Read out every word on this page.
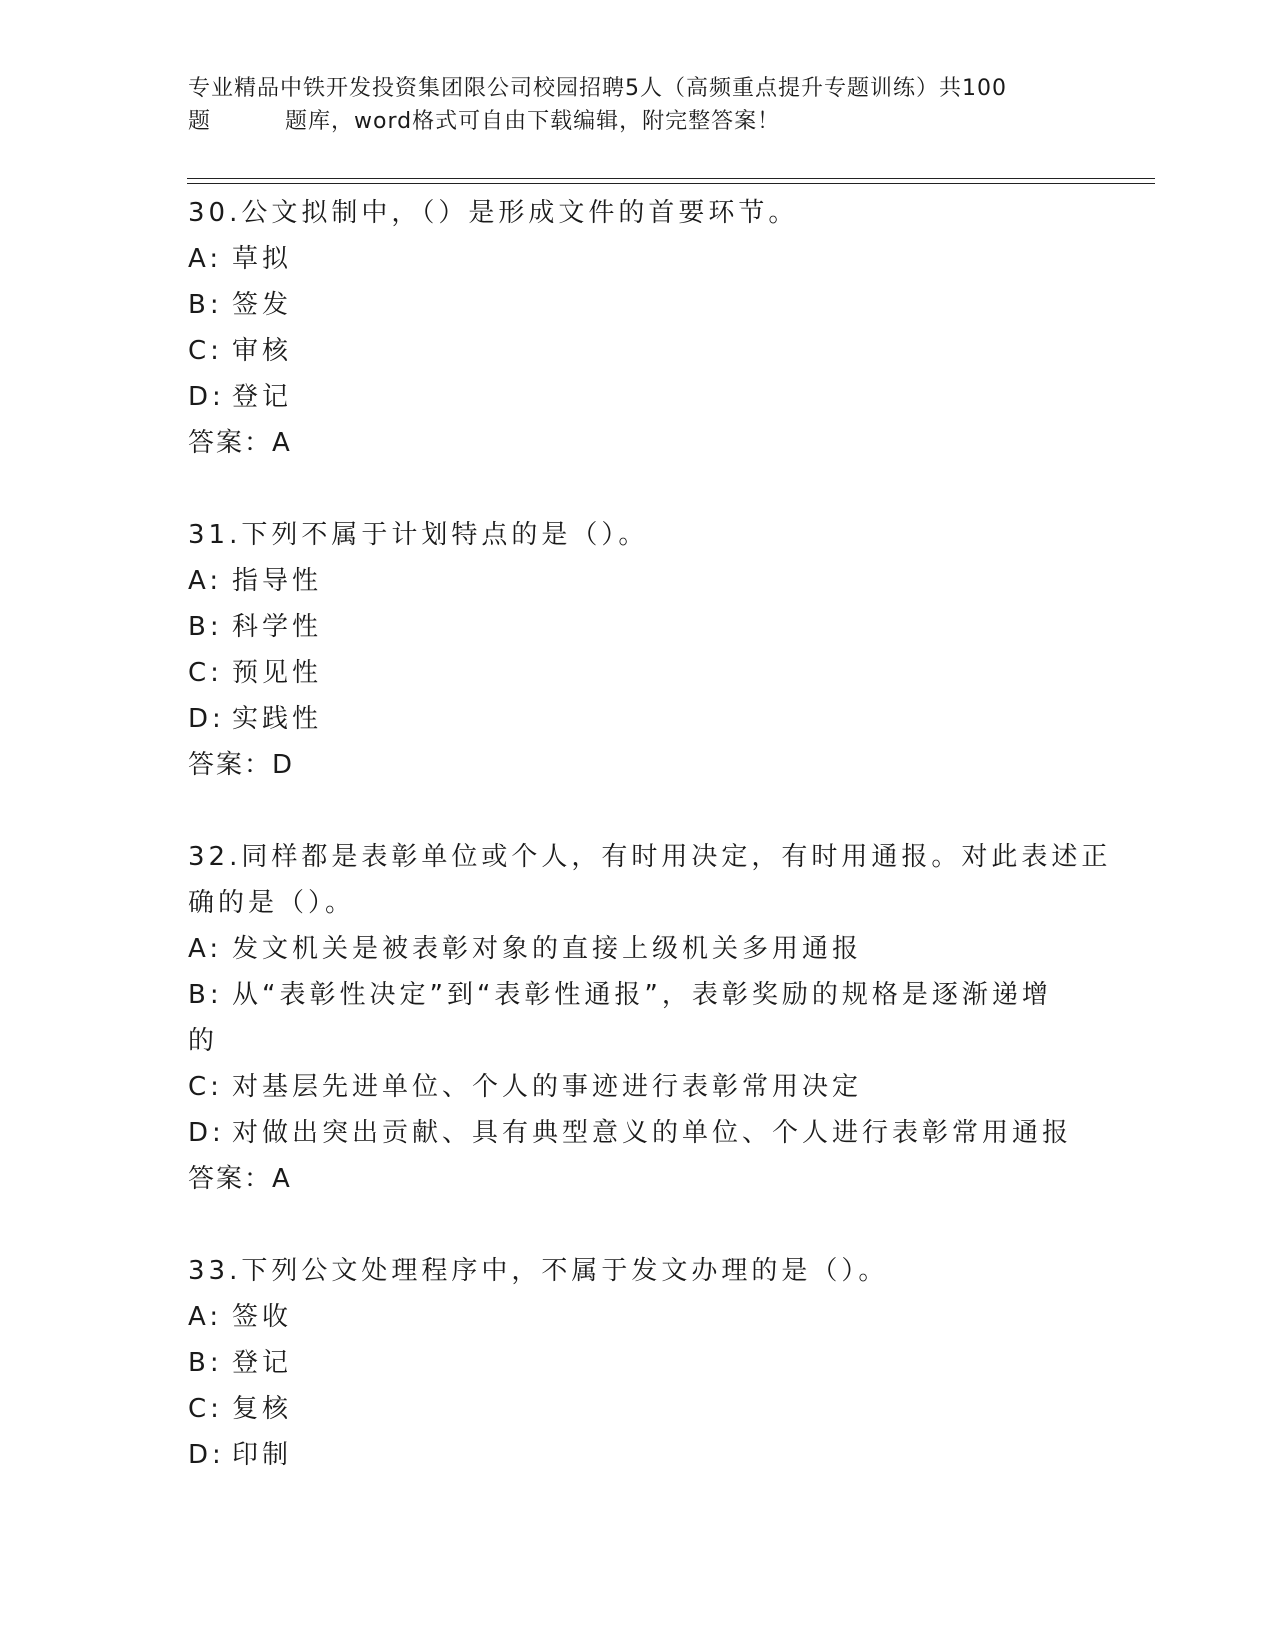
专业精品中铁开发投资集团限公司校园招聘5人（高频重点提升专题训练）共100
题	题库，word格式可自由下载编辑，附完整答案！
30.公文拟制中，（）是形成文件的首要环节。
A: 草拟
B: 签发
C: 审核
D: 登记
答案：A
31.下列不属于计划特点的是（）。
A: 指导性
B: 科学性
C: 预见性
D: 实践性
答案：D
32.同样都是表彰单位或个人，有时用决定，有时用通报。对此表述正
确的是（）。
A: 发文机关是被表彰对象的直接上级机关多用通报
B: 从“表彰性决定”到“表彰性通报”，表彰奖励的规格是逐渐递增
的
C: 对基层先进单位、个人的事迹进行表彰常用决定
D: 对做出突出贡献、具有典型意义的单位、个人进行表彰常用通报
答案：A
33.下列公文处理程序中，不属于发文办理的是（）。
A: 签收
B: 登记
C: 复核
D: 印制
